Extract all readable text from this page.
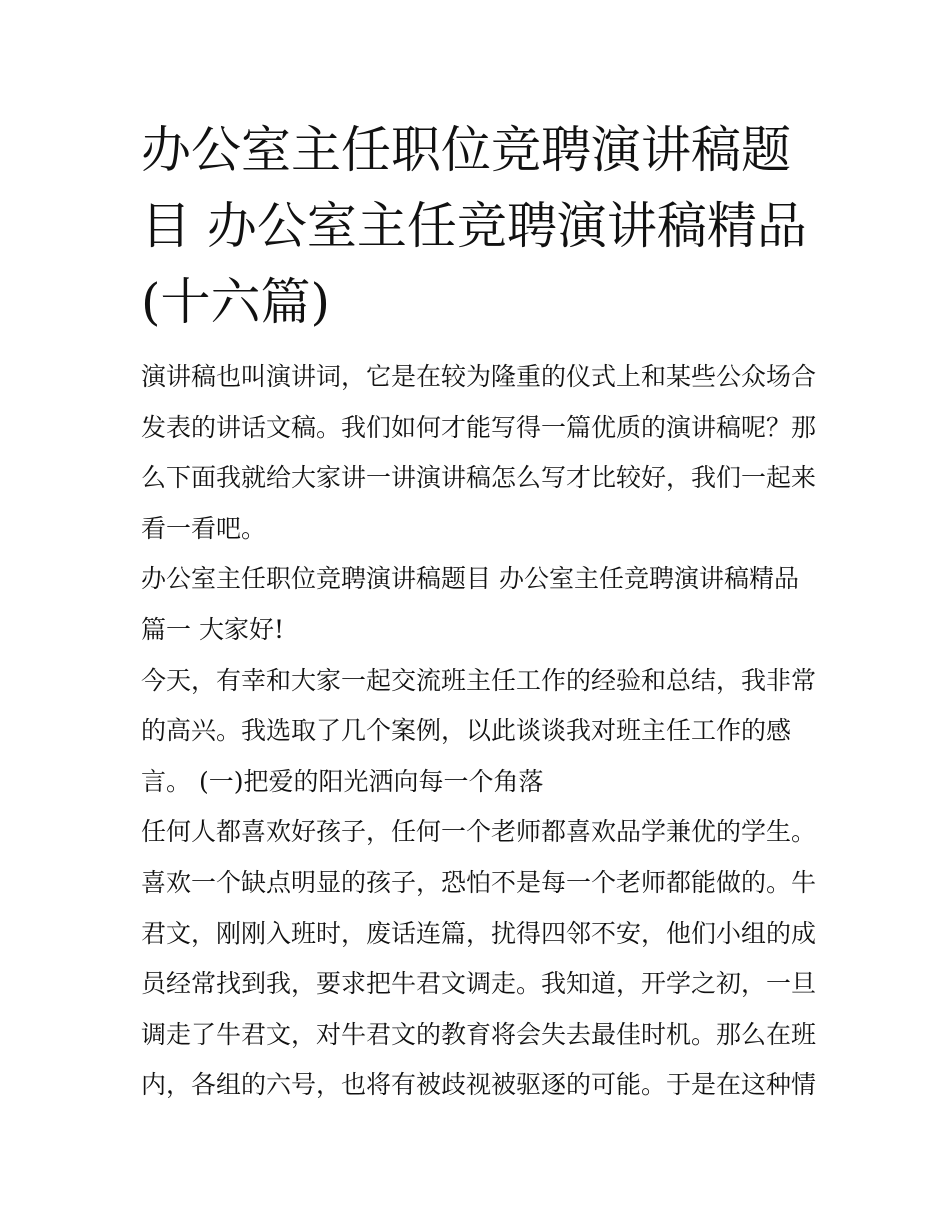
办公室主任职位竞聘演讲稿题
目 办公室主任竞聘演讲稿精品
(十六篇)

演讲稿也叫演讲词，它是在较为隆重的仪式上和某些公众场合

发表的讲话文稿。我们如何才能写得一篇优质的演讲稿呢？那

么下面我就给大家讲一讲演讲稿怎么写才比较好，我们一起来

看一看吧。

办公室主任职位竞聘演讲稿题目 办公室主任竞聘演讲稿精品

篇一 大家好!

今天，有幸和大家一起交流班主任工作的经验和总结，我非常

的高兴。我选取了几个案例，以此谈谈我对班主任工作的感

言。 (一)把爱的阳光洒向每一个角落

任何人都喜欢好孩子，任何一个老师都喜欢品学兼优的学生。

喜欢一个缺点明显的孩子，恐怕不是每一个老师都能做的。牛

君文，刚刚入班时，废话连篇，扰得四邻不安，他们小组的成

员经常找到我，要求把牛君文调走。我知道，开学之初，一旦

调走了牛君文，对牛君文的教育将会失去最佳时机。那么在班

内，各组的六号，也将有被歧视被驱逐的可能。于是在这种情
